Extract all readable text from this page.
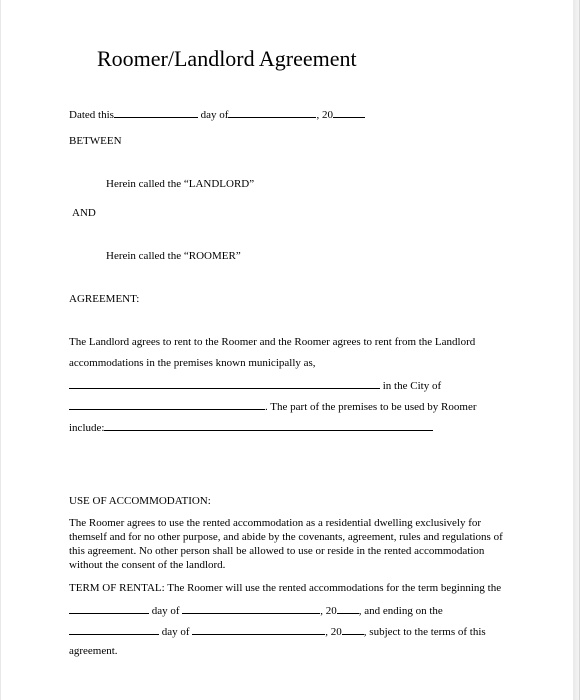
Roomer/Landlord Agreement
Dated this	day of	, 20
BETWEEN
Herein called the “LANDLORD”
AND
Herein called the “ROOMER”
AGREEMENT:
The Landlord agrees to rent to the Roomer and the Roomer agrees to rent from the Landlord
accommodations in the premises known municipally as,
in the City of
. The part of the premises to be used by Roomer
include:
USE OF ACCOMMODATION:
The Roomer agrees to use the rented accommodation as a residential dwelling exclusively for
themself and for no other purpose, and abide by the covenants, agreement, rules and regulations of
this agreement. No other person shall be allowed to use or reside in the rented accommodation
without the consent of the landlord.
TERM OF RENTAL: The Roomer will use the rented accommodations for the term beginning the
day of	, 20 , and ending on the
day of	, 20 , subject to the terms of this
agreement.
